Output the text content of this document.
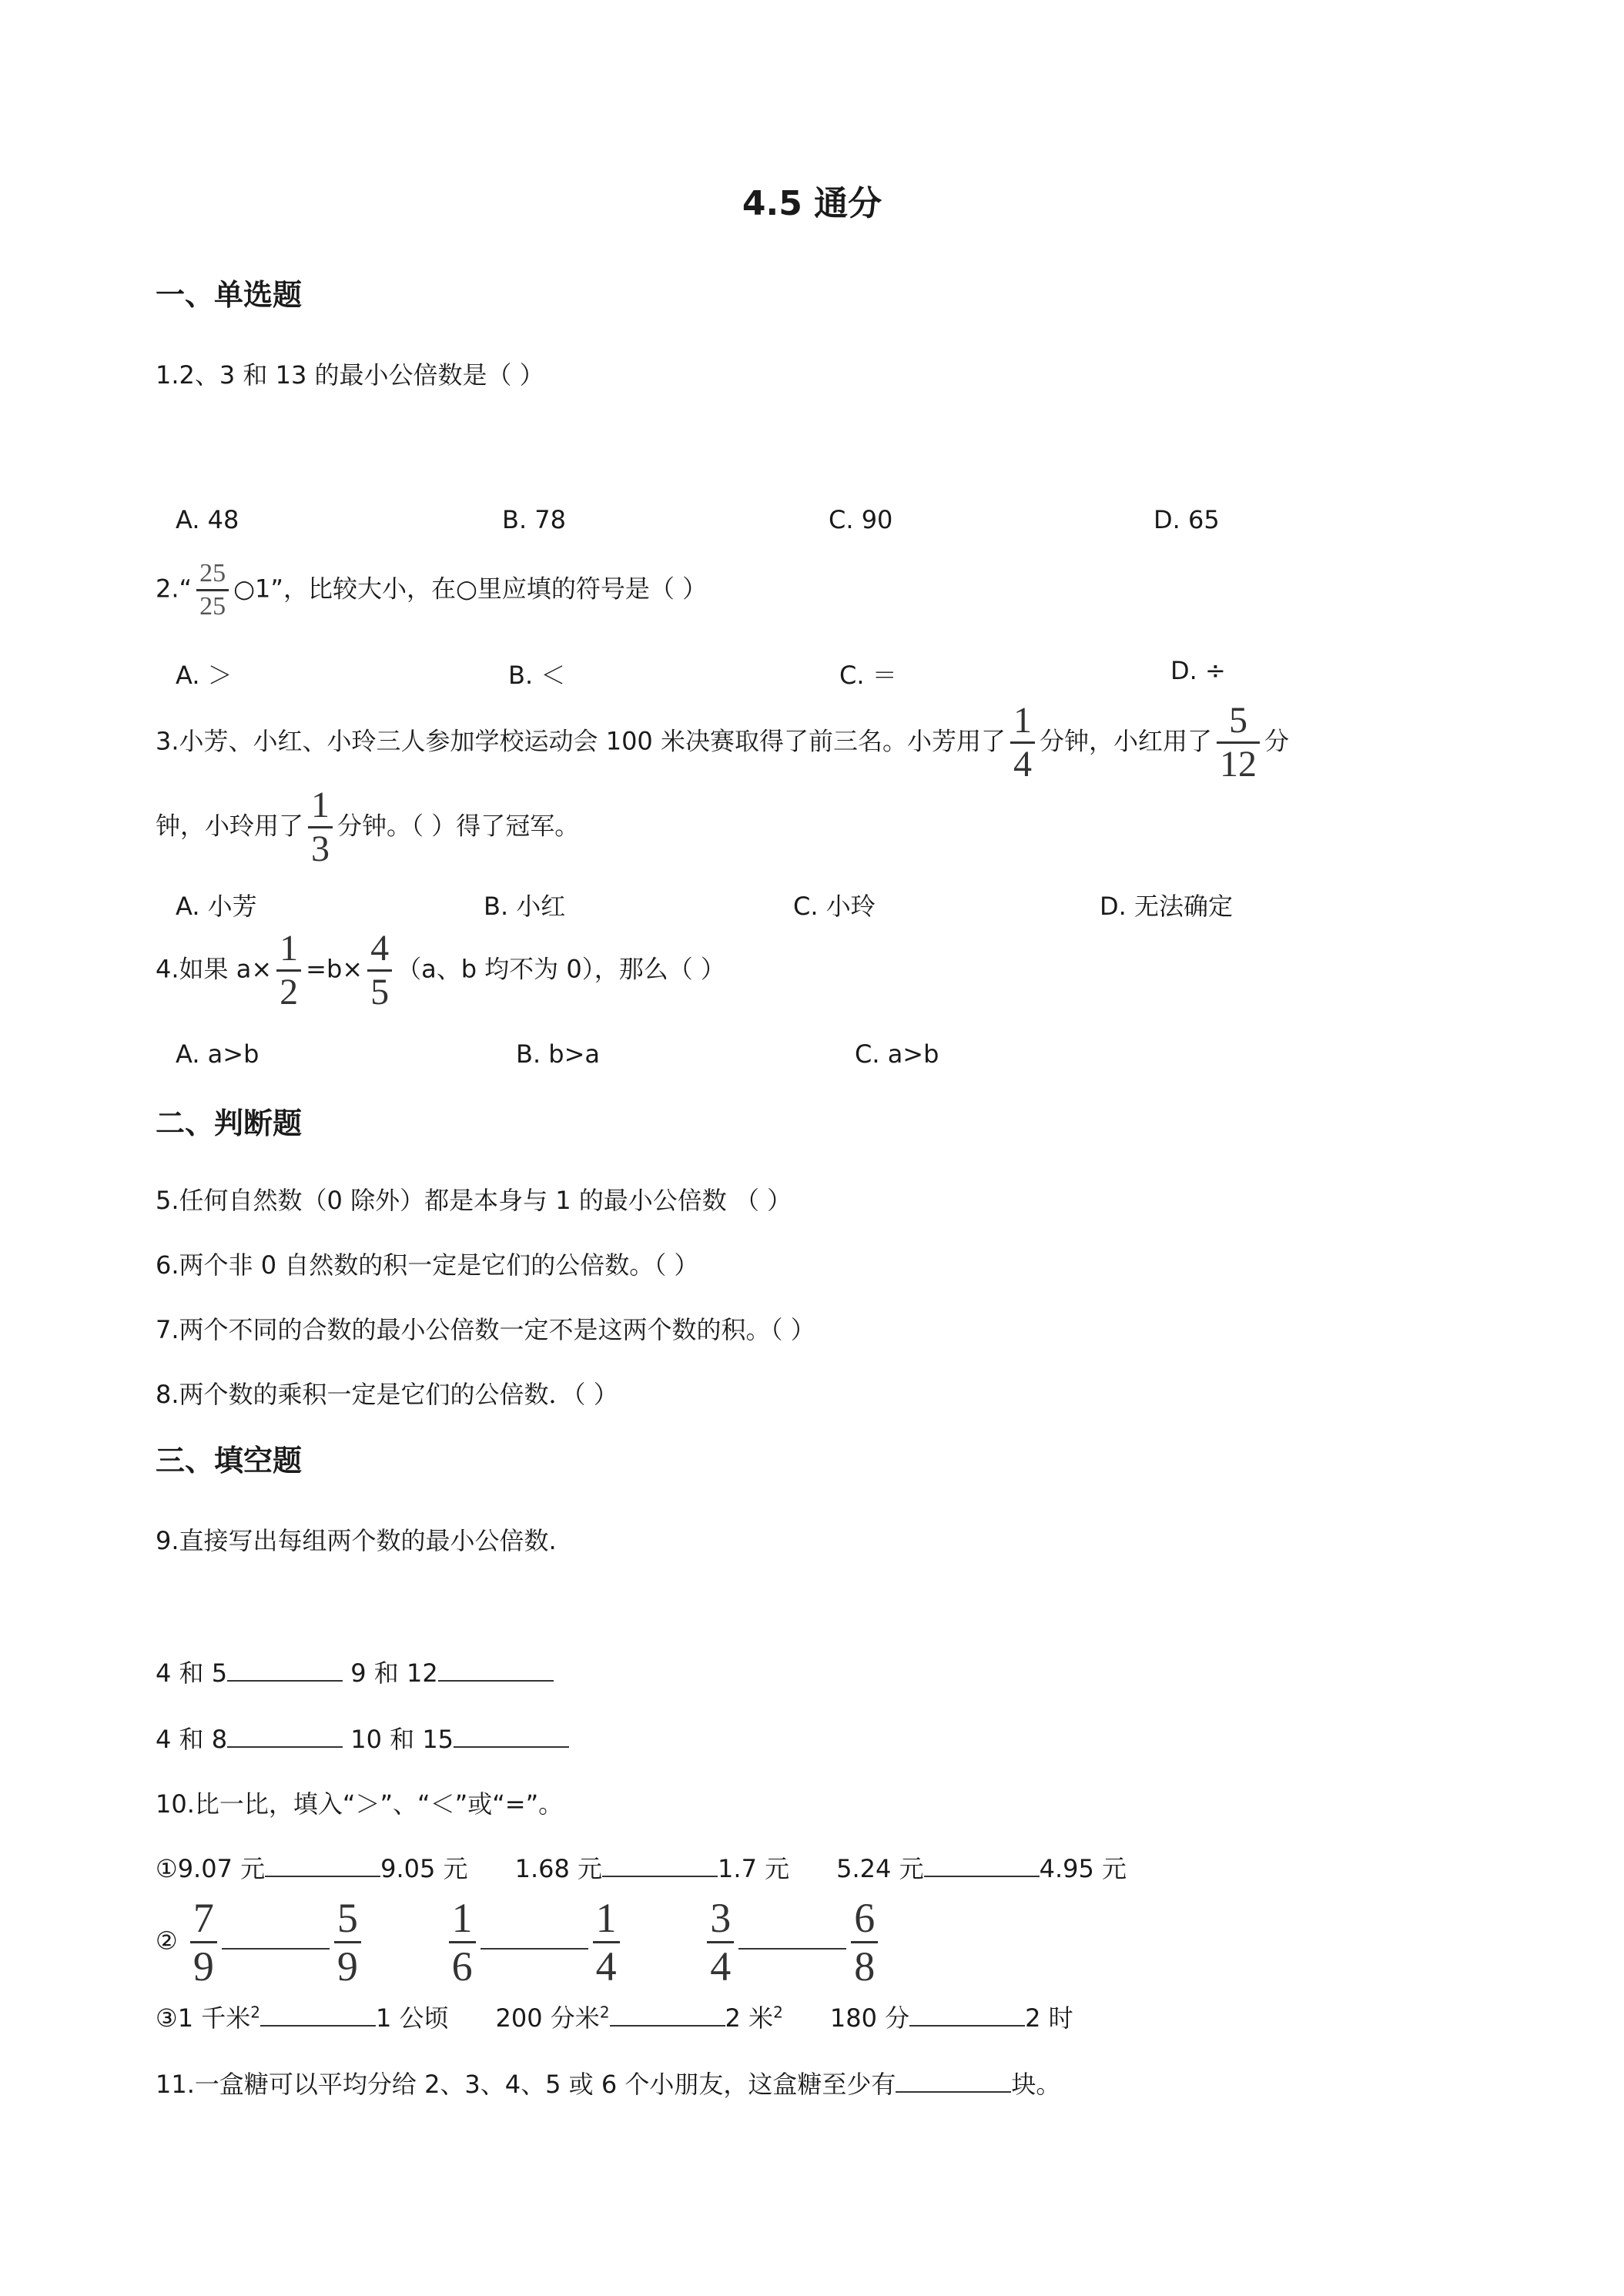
4.5 通分
一、单选题
1.2、3 和 13 的最小公倍数是（ ）
A. 48	B. 78	C. 90	D. 65
2.“ $\frac{25}{25}$ ○1”，比较大小，在○里应填的符号是（ ）
A. ＞	B. ＜	C. ＝	D. ÷
3.小芳、小红、小玲三人参加学校运动会 100 米决赛取得了前三名。小芳用了 $\frac{1}{4}$ 分钟，小红用了 $\frac{5}{12}$ 分
钟，小玲用了 $\frac{1}{3}$ 分钟。（ ）得了冠军。
A. 小芳	B. 小红	C. 小玲	D. 无法确定
4.如果 $a\times \frac{1}{2} =b\times \frac{4}{5} (a$、b 均不为 0），那么（ ）
A. a>b	B. b>a	C. a>b
二、判断题
5.任何自然数（0 除外）都是本身与 1 的最小公倍数 （ ）
6.两个非 0 自然数的积一定是它们的公倍数。（ ）
7.两个不同的合数的最小公倍数一定不是这两个数的积。（ ）
8.两个数的乘积一定是它们的公倍数．（ ）
三、填空题
9.直接写出每组两个数的最小公倍数.
4 和 5	9 和 12
4 和 8	10 和 15
10.比一比，填入“＞”、“＜”或“=”。
①9.07 元	9.05 元 1.68 元	1.7 元 5.24 元	4.95 元
② $\frac{7}{9}$	$\frac{5}{9}$
$\frac{1}{6}$	$\frac{1}{4}$
$\frac{3}{4}$	$\frac{6}{8}$
③1 千米$^2$	1 公顷 200 分米$^2$	2 米$^2$ 180 分	2 时
11.一盒糖可以平均分给 2、3、4、5 或 6 个小朋友，这盒糖至少有	块。
